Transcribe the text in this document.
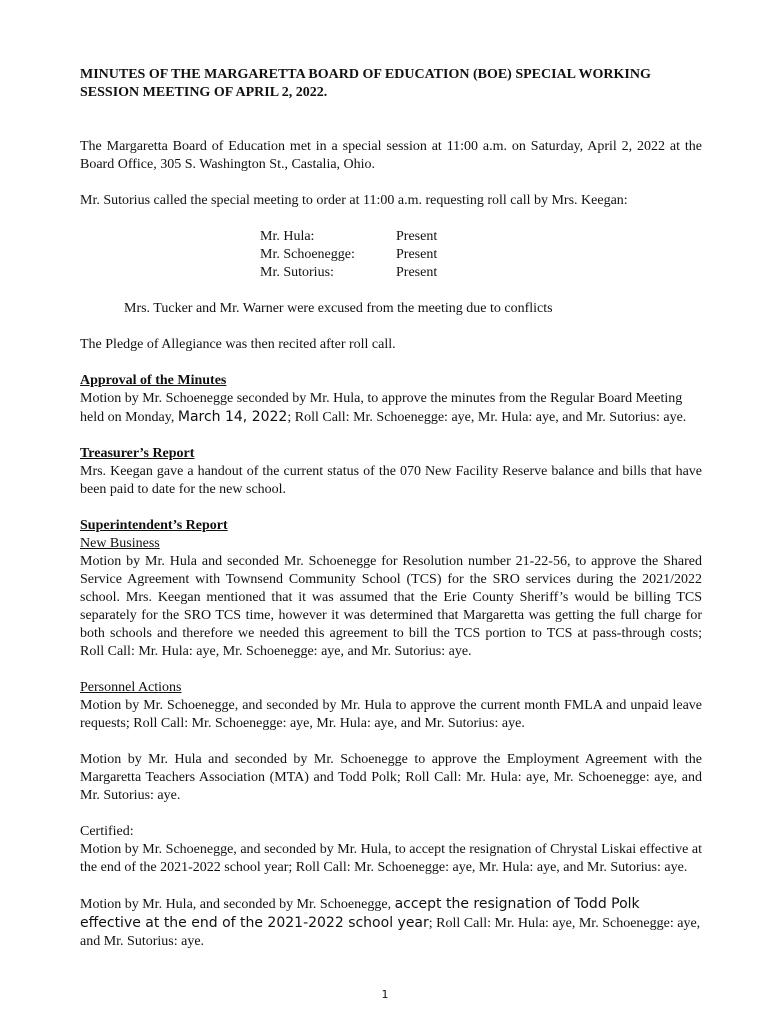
MINUTES OF THE MARGARETTA BOARD OF EDUCATION (BOE) SPECIAL WORKING SESSION MEETING OF APRIL 2, 2022.

The Margaretta Board of Education met in a special session at 11:00 a.m. on Saturday, April 2, 2022 at the Board Office, 305 S. Washington St., Castalia, Ohio.

Mr. Sutorius called the special meeting to order at 11:00 a.m. requesting roll call by Mrs. Keegan:

Mr. Hula:	Present
Mr. Schoenegge:	Present
Mr. Sutorius:	Present

Mrs. Tucker and Mr. Warner were excused from the meeting due to conflicts

The Pledge of Allegiance was then recited after roll call.

Approval of the Minutes

Motion by Mr. Schoenegge seconded by Mr. Hula, to approve the minutes from the Regular Board Meeting held on Monday, March 14, 2022; Roll Call: Mr. Schoenegge: aye, Mr. Hula: aye, and Mr. Sutorius: aye.

Treasurer’s Report

Mrs. Keegan gave a handout of the current status of the 070 New Facility Reserve balance and bills that have been paid to date for the new school.

Superintendent’s Report
New Business

Motion by Mr. Hula and seconded Mr. Schoenegge for Resolution number 21-22-56, to approve the Shared Service Agreement with Townsend Community School (TCS) for the SRO services during the 2021/2022 school. Mrs. Keegan mentioned that it was assumed that the Erie County Sheriff’s would be billing TCS separately for the SRO TCS time, however it was determined that Margaretta was getting the full charge for both schools and therefore we needed this agreement to bill the TCS portion to TCS at pass-through costs; Roll Call: Mr. Hula: aye, Mr. Schoenegge: aye, and Mr. Sutorius: aye.

Personnel Actions

Motion by Mr. Schoenegge, and seconded by Mr. Hula to approve the current month FMLA and unpaid leave requests; Roll Call: Mr. Schoenegge: aye, Mr. Hula: aye, and Mr. Sutorius: aye.

Motion by Mr. Hula and seconded by Mr. Schoenegge to approve the Employment Agreement with the Margaretta Teachers Association (MTA) and Todd Polk; Roll Call: Mr. Hula: aye, Mr. Schoenegge: aye, and Mr. Sutorius: aye.

Certified:

Motion by Mr. Schoenegge, and seconded by Mr. Hula, to accept the resignation of Chrystal Liskai effective at the end of the 2021-2022 school year; Roll Call: Mr. Schoenegge: aye, Mr. Hula: aye, and Mr. Sutorius: aye.

Motion by Mr. Hula, and seconded by Mr. Schoenegge, accept the resignation of Todd Polk effective at the end of the 2021-2022 school year; Roll Call: Mr. Hula: aye, Mr. Schoenegge: aye, and Mr. Sutorius: aye.

1
